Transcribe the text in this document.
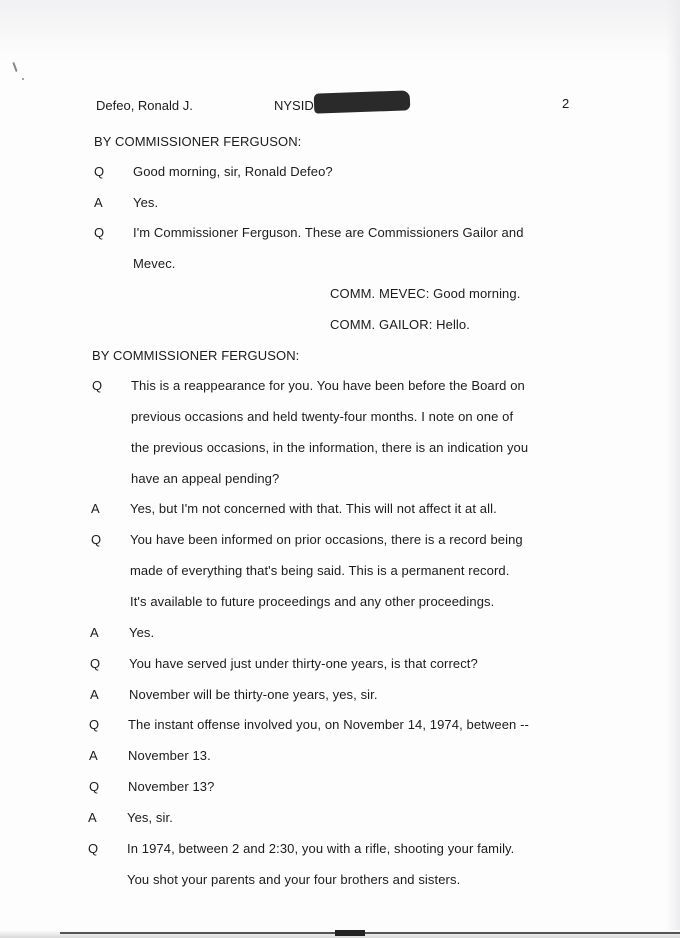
Defeo, Ronald J.	NYSID	2
BY COMMISSIONER FERGUSON:
Q Good morning, sir, Ronald Defeo?
A Yes.
Q I'm Commissioner Ferguson. These are Commissioners Gailor and
Mevec.
COMM. MEVEC: Good morning.
COMM. GAILOR: Hello.
BY COMMISSIONER FERGUSON:
Q This is a reappearance for you. You have been before the Board on
previous occasions and held twenty-four months. I note on one of
the previous occasions, in the information, there is an indication you
have an appeal pending?
A Yes, but I'm not concerned with that. This will not affect it at all.
Q You have been informed on prior occasions, there is a record being
made of everything that's being said. This is a permanent record.
It's available to future proceedings and any other proceedings.
A Yes.
Q You have served just under thirty-one years, is that correct?
A November will be thirty-one years, yes, sir.
Q The instant offense involved you, on November 14, 1974, between --
A November 13.
Q November 13?
A Yes, sir.
Q In 1974, between 2 and 2:30, you with a rifle, shooting your family.
You shot your parents and your four brothers and sisters.
